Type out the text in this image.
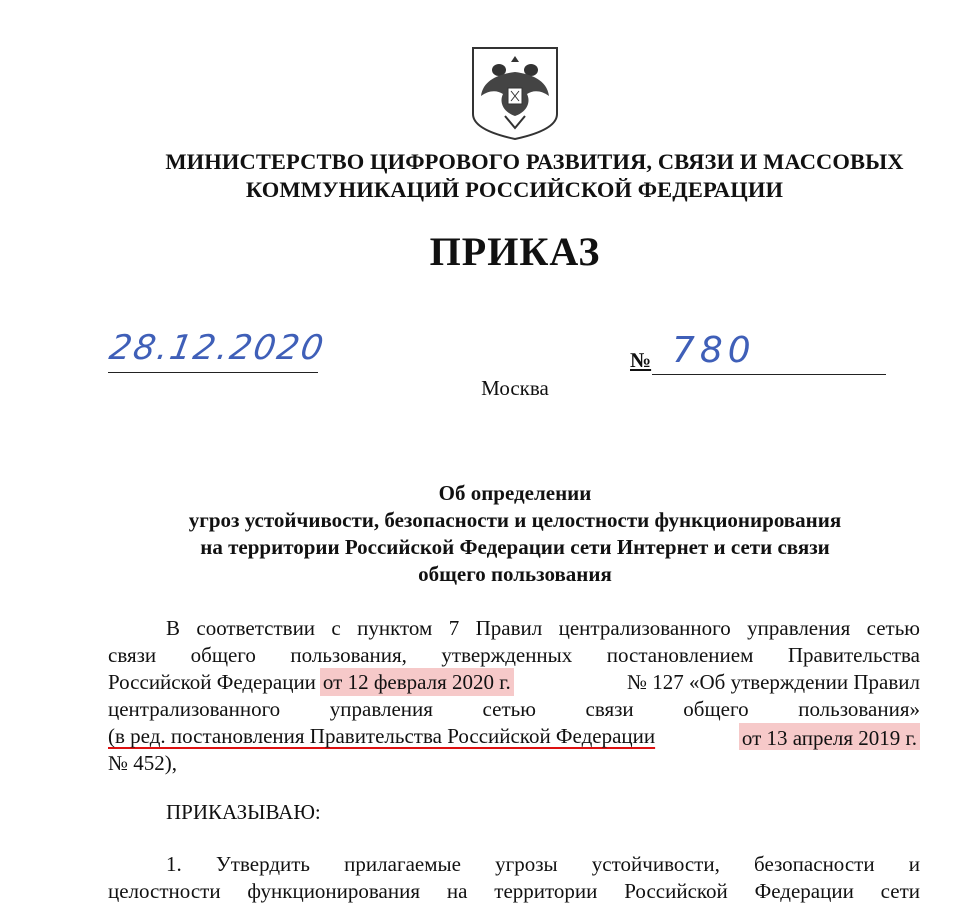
МИНИСТЕРСТВО ЦИФРОВОГО РАЗВИТИЯ, СВЯЗИ И МАССОВЫХ
КОММУНИКАЦИЙ РОССИЙСКОЙ ФЕДЕРАЦИИ
ПРИКАЗ
28.12.2020	№ 780
Москва
Об определении
угроз устойчивости, безопасности и целостности функционирования
на территории Российской Федерации сети Интернет и сети связи
общего пользования
В соответствии с пунктом 7 Правил централизованного управления сетью
связи общего пользования, утвержденных постановлением Правительства
Российской Федерации от 12 февраля 2020 г.	№ 127 «Об утверждении Правил
централизованного управления сетью связи общего пользования»
(в ред. постановления Правительства Российской Федерации	от 13 апреля 2019 г.
№ 452),
ПРИКАЗЫВАЮ:
1. Утвердить прилагаемые угрозы устойчивости, безопасности и
целостности функционирования на территории Российской Федерации сети
